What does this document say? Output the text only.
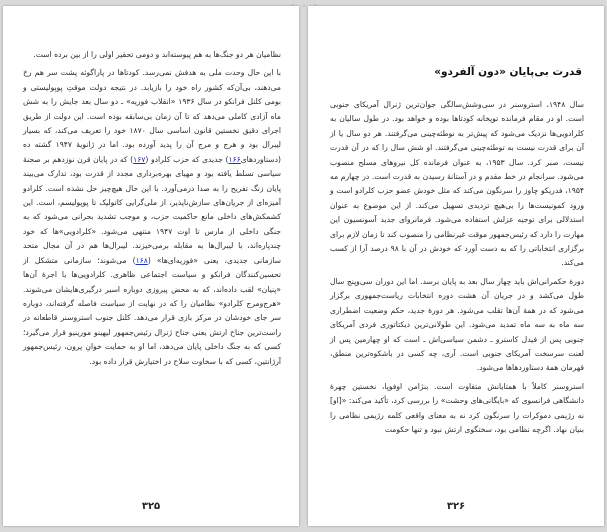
نظامیان هر دو جنگ‌ها به هم پیوسته‌اند و دومی تحقیر اولی را از بین برده است.

با این حال وحدت ملی به هدفش نمی‌رسد. کودتاها در پاراگوئه پشت سر هم رخ می‌دهند، بی‌آن‌که کشور راه خود را بازیابد. در نتیجه دولت موقتِ پوپولیستی و بومی کلنل فرانکو در سال ۱۹۳۶ «انقلاب فوریه» ـ دو سال بعد جایش را به شش ماه آزادی کاملی می‌دهد که تا آن زمان بی‌سابقه بوده است. این دولت از طریق اجرای دقیق نخستین قانون اساسی سال ۱۸۷۰ خود را تعریف می‌کند، که بسیار لیبرال بود و هرج و مرج آن را پدید آورده بود. اما در ژانویهٔ ۱۹۴۷ گشته ده (دستاوردهای۱۶۶) جدیدی که حزب کلرادو (۱۶۷) که در پایان قرن نوزدهم بر صحنهٔ سیاسی تسلط یافته بود و مهیای بهره‌برداری مجدد از قدرت بود، تدارک می‌بیند پایان زنگ تفریح را به صدا درمی‌آورد. با این حال هیچ‌چیز حل نشده است. کلرادو آمیزه‌ای از جریان‌های سازش‌ناپذیر، از ملی‌گرایی کاتولیک تا پوپولیسم، است. این کشمکش‌های داخلی مانع حاکمیت حزب، و موجب تشدید بحرانی می‌شود که به جنگی داخلی از مارس تا اوت ۱۹۴۷ منتهی می‌شود. «کلرادویی»ها که خود چندپاره‌اند، با لیبرال‌ها به مقابله برمی‌خیزند. لیبرال‌ها هم در آن مجال متحد سازمانی جدیدی، یعنی «فوریه‌ای‌ها» (۱۶۸) می‌شوند؛ سازمانی متشکل از تحسین‌کنندگان فرانکو و سیاست اجتماعی ظاهری. کلرادویی‌ها با اجرهٔ آن‌ها «پنیان» لقب داده‌اند، که به محض پیروزی دوباره اسیر درگیری‌هایشان می‌شوند. «هرج‌ومرج کلرادو» نظامیان را که در نهایت از سیاست فاصله گرفته‌اند، دوباره سر جای خودشان در مرکز بازی قرار می‌دهد. کلنل جنوب استروسنر قاطعانه در راست‌ترین جناح ارتش یعنی جناح ژنرال رئیس‌جمهور لیهینو مورینیو قرار می‌گیرد؛ کسی که به جنگ داخلی پایان می‌دهد، اما او به حمایت خوانِ پرون، رئیس‌جمهور آرژانتین، کسی که با سخاوت سلاح در اختیارش قرار داده بود.

۳۲۵
قدرت بی‌پایان «دون آلفردو»

سال ۱۹۴۸، استروسنر در سی‌وشش‌سالگی جوان‌ترین ژنرال آمریکای جنوبی است. او در مقام فرمانده توپخانه کودتاها بوده و خواهد بود. در طول سالیان به کلرادویی‌ها نزدیک می‌شود که پیش‌تر به نوطئه‌چینی می‌گرفتند. هر دو سال یا از آن برای قدرت نیست به توطئه‌چینی می‌گرفتند. او شش سال را که در آن قدرت نیست، صبر کرد. سال ۱۹۵۳، به عنوان فرمانده کل نیروهای مسلح منصوب می‌شود. سرانجام در خط مقدم و در آستانهٔ رسیدن به قدرت است. در چهارم مه ۱۹۵۴، فدریکو چاوز را سرنگون می‌کند که مثل خودش عضو حزب کلرادو است و ورود کمونیست‌ها را بی‌هیچ تردیدی تسهیل می‌کند. از این موضوع به عنوان استدلالی برای توجیه عزلش استفاده می‌شود. فرمانروای جدید آسونسیون این مهارت را دارد که رئیس‌جمهور موقت غیرنظامی را منصوب کند تا زمان لازم برای برگزاری انتخاباتی را که به دست آورد که خودش در آن با ۹۸ درصد آرا از کسب می‌کند.

دورهٔ حکمرانی‌اش باید چهار سال بعد به پایان برسد. اما این دوران سی‌وپنج سال طول می‌کشد و در جریان آن هشت دوره انتخابات ریاست‌جمهوری برگزار می‌شود که در همهٔ آن‌ها تقلب می‌شود. هر دورهٔ جدید، حکم وضعیت اضطراری سه ماه به سه ماه تمدید می‌شود. این طولانی‌ترین دیکتاتوری فردی آمریکای جنوبی پس از فیدل کاسترو ـ دشمن سیاسی‌اش ـ است که او چهارمین پس از لعنت سرسخت آمریکای جنوبی است. آری، چه کسی در باشکوه‌ترین منطق، قهرمان همهٔ دستاوردها‌ها می‌شود.

استروسنر کاملاً با همتایانش متفاوت است. بنژامن اوفوپا، نخستین چهرهٔ دانشگاهی فرانسوی که «بایگانی‌های وحشت» را بررسی کرد، تأکید می‌کند: «[او] نه رژیمی دموکرات را سرنگون کرد نه به معنای واقعی کلمه رژیمی نظامی را بنیان نهاد. اگرچه نظامی بود، سختگوی ارتش نبود و تنها حکومت

۳۲۶
